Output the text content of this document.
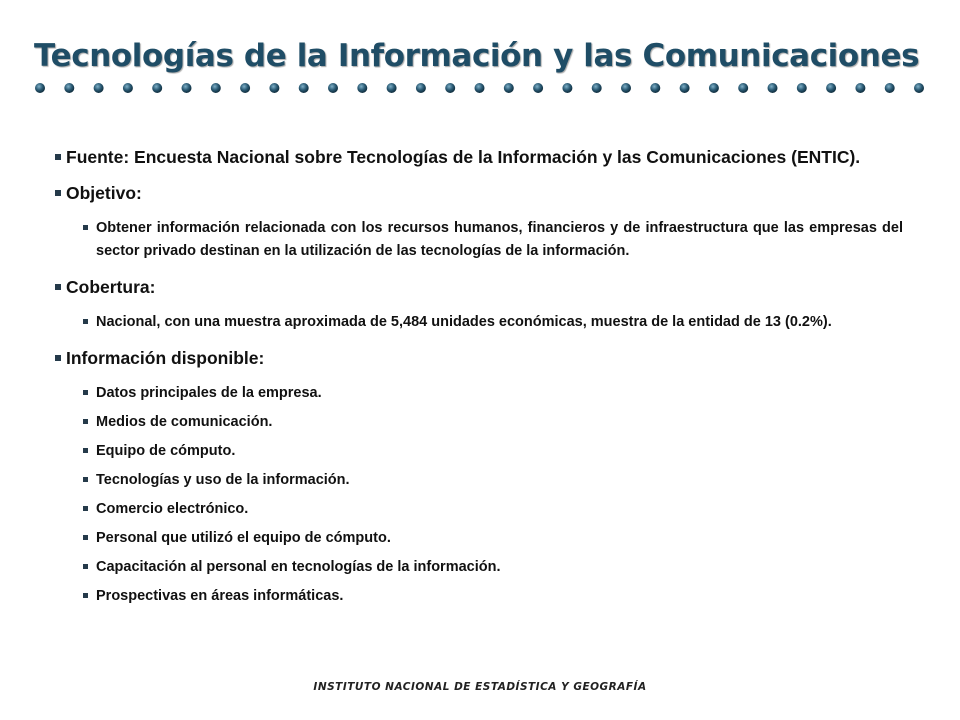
Tecnologías de la Información y las Comunicaciones
Fuente: Encuesta Nacional sobre Tecnologías de la Información y las Comunicaciones (ENTIC).
Objetivo:
Obtener información relacionada con los recursos humanos, financieros y de infraestructura que las empresas del sector privado destinan en la utilización de las tecnologías de la información.
Cobertura:
Nacional, con una muestra aproximada de 5,484 unidades económicas, muestra de la entidad de 13 (0.2%).
Información disponible:
Datos principales de la empresa.
Medios de comunicación.
Equipo de cómputo.
Tecnologías y uso de la información.
Comercio electrónico.
Personal que utilizó el equipo de cómputo.
Capacitación al personal en tecnologías de la información.
Prospectivas en áreas informáticas.
INSTITUTO NACIONAL DE ESTADÍSTICA Y GEOGRAFÍA
